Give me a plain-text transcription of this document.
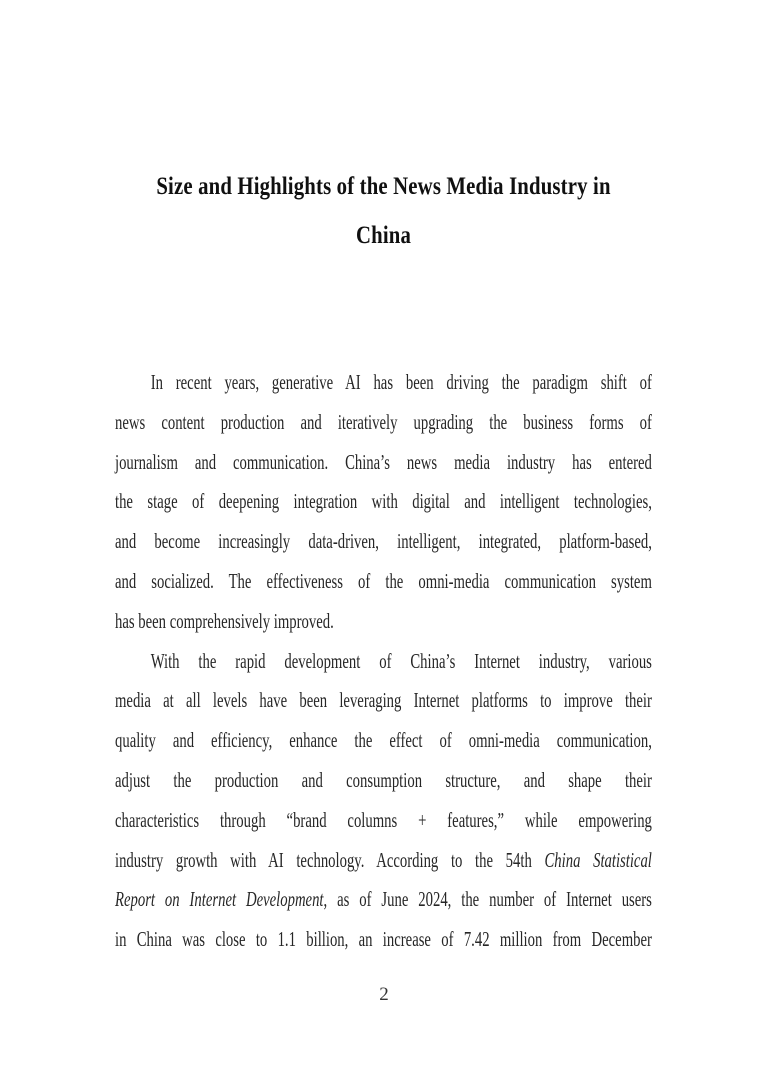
Size and Highlights of the News Media Industry in
China
In recent years, generative AI has been driving the paradigm shift of
news content production and iteratively upgrading the business forms of
journalism and communication. China’s news media industry has entered
the stage of deepening integration with digital and intelligent technologies,
and become increasingly data-driven, intelligent, integrated, platform-based,
and socialized. The effectiveness of the omni-media communication system
has been comprehensively improved.
With the rapid development of China’s Internet industry, various
media at all levels have been leveraging Internet platforms to improve their
quality and efficiency, enhance the effect of omni-media communication,
adjust the production and consumption structure, and shape their
characteristics through “brand columns + features,” while empowering
industry growth with AI technology. According to the 54th China Statistical
Report on Internet Development, as of June 2024, the number of Internet users
in China was close to 1.1 billion, an increase of 7.42 million from December
2
